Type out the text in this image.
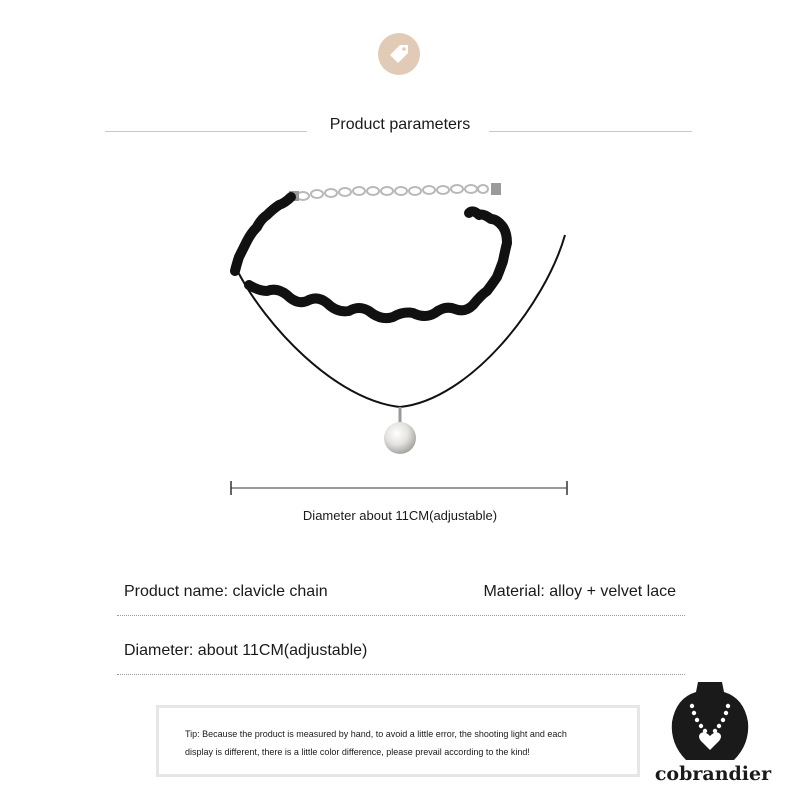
Product parameters
Diameter about 11CM(adjustable)
Product name: clavicle chain	Material: alloy + velvet lace
Diameter: about 11CM(adjustable)
Tip: Because the product is measured by hand, to avoid a little error, the shooting light and each
display is different, there is a little color difference, please prevail according to the kind!
cobrandier
